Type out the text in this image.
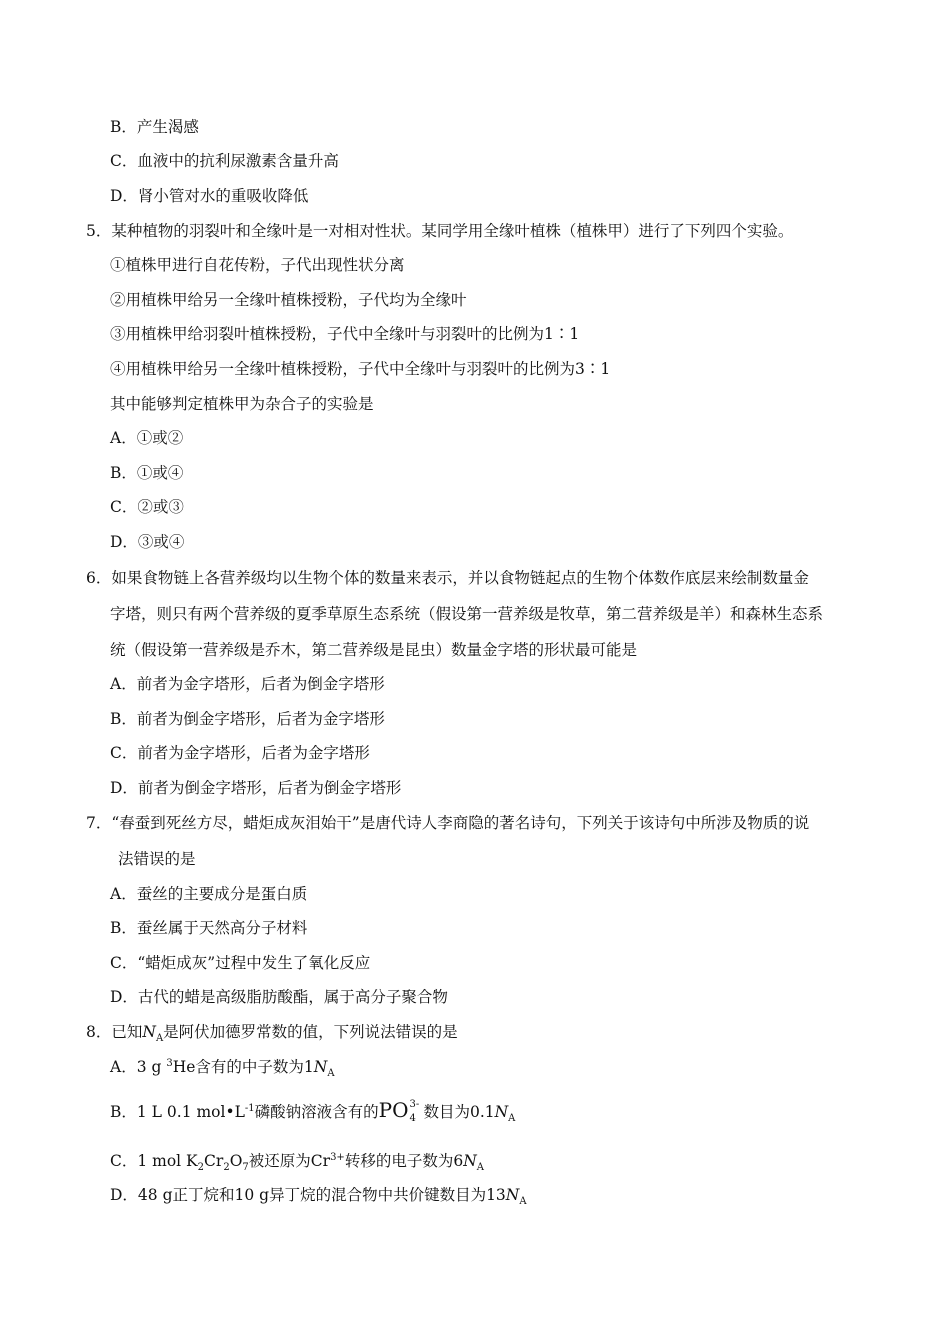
B．产生渴感
C．血液中的抗利尿激素含量升高
D．肾小管对水的重吸收降低
5．某种植物的羽裂叶和全缘叶是一对相对性状。某同学用全缘叶植株（植株甲）进行了下列四个实验。
①植株甲进行自花传粉，子代出现性状分离
②用植株甲给另一全缘叶植株授粉，子代均为全缘叶
③用植株甲给羽裂叶植株授粉，子代中全缘叶与羽裂叶的比例为1∶1
④用植株甲给另一全缘叶植株授粉，子代中全缘叶与羽裂叶的比例为3∶1
其中能够判定植株甲为杂合子的实验是
A．①或②
B．①或④
C．②或③
D．③或④
6．如果食物链上各营养级均以生物个体的数量来表示，并以食物链起点的生物个体数作底层来绘制数量金
字塔，则只有两个营养级的夏季草原生态系统（假设第一营养级是牧草，第二营养级是羊）和森林生态系
统（假设第一营养级是乔木，第二营养级是昆虫）数量金字塔的形状最可能是
A．前者为金字塔形，后者为倒金字塔形
B．前者为倒金字塔形，后者为金字塔形
C．前者为金字塔形，后者为金字塔形
D．前者为倒金字塔形，后者为倒金字塔形
7．“春蚕到死丝方尽，蜡炬成灰泪始干”是唐代诗人李商隐的著名诗句，下列关于该诗句中所涉及物质的说
法错误的是
A．蚕丝的主要成分是蛋白质
B．蚕丝属于天然高分子材料
C．“蜡炬成灰”过程中发生了氧化反应
D．古代的蜡是高级脂肪酸酯，属于高分子聚合物
8．已知$N_A$是阿伏加德罗常数的值，下列说法错误的是
A．3 g $^3$He含有的中子数为$1N_A$
B．1 L 0.1 $mol•L^{-1}$磷酸钠溶液含有的PO 3-
4 数目为$0.1N_A$
C．1 mol $K_2Cr_2O_7$被还原为$Cr^{3+}$转移的电子数为$6N_A$
D．48 g正丁烷和10 g异丁烷的混合物中共价键数目为$13N_A$
